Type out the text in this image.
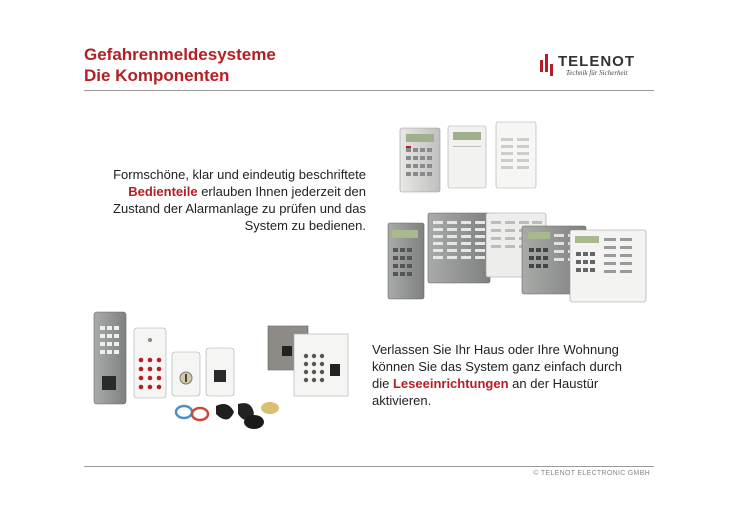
Gefahrenmeldesysteme
Die Komponenten
TELENOT
Technik für Sicherheit
Formschöne, klar und eindeutig beschriftete
Bedienteile erlauben Ihnen jederzeit den
Zustand der Alarmanlage zu prüfen und das
System zu bedienen.
Verlassen Sie Ihr Haus oder Ihre Wohnung
können Sie das System ganz einfach durch
die Leseeinrichtungen an der Haustür
aktivieren.
© TELENOT ELECTRONIC GMBH
